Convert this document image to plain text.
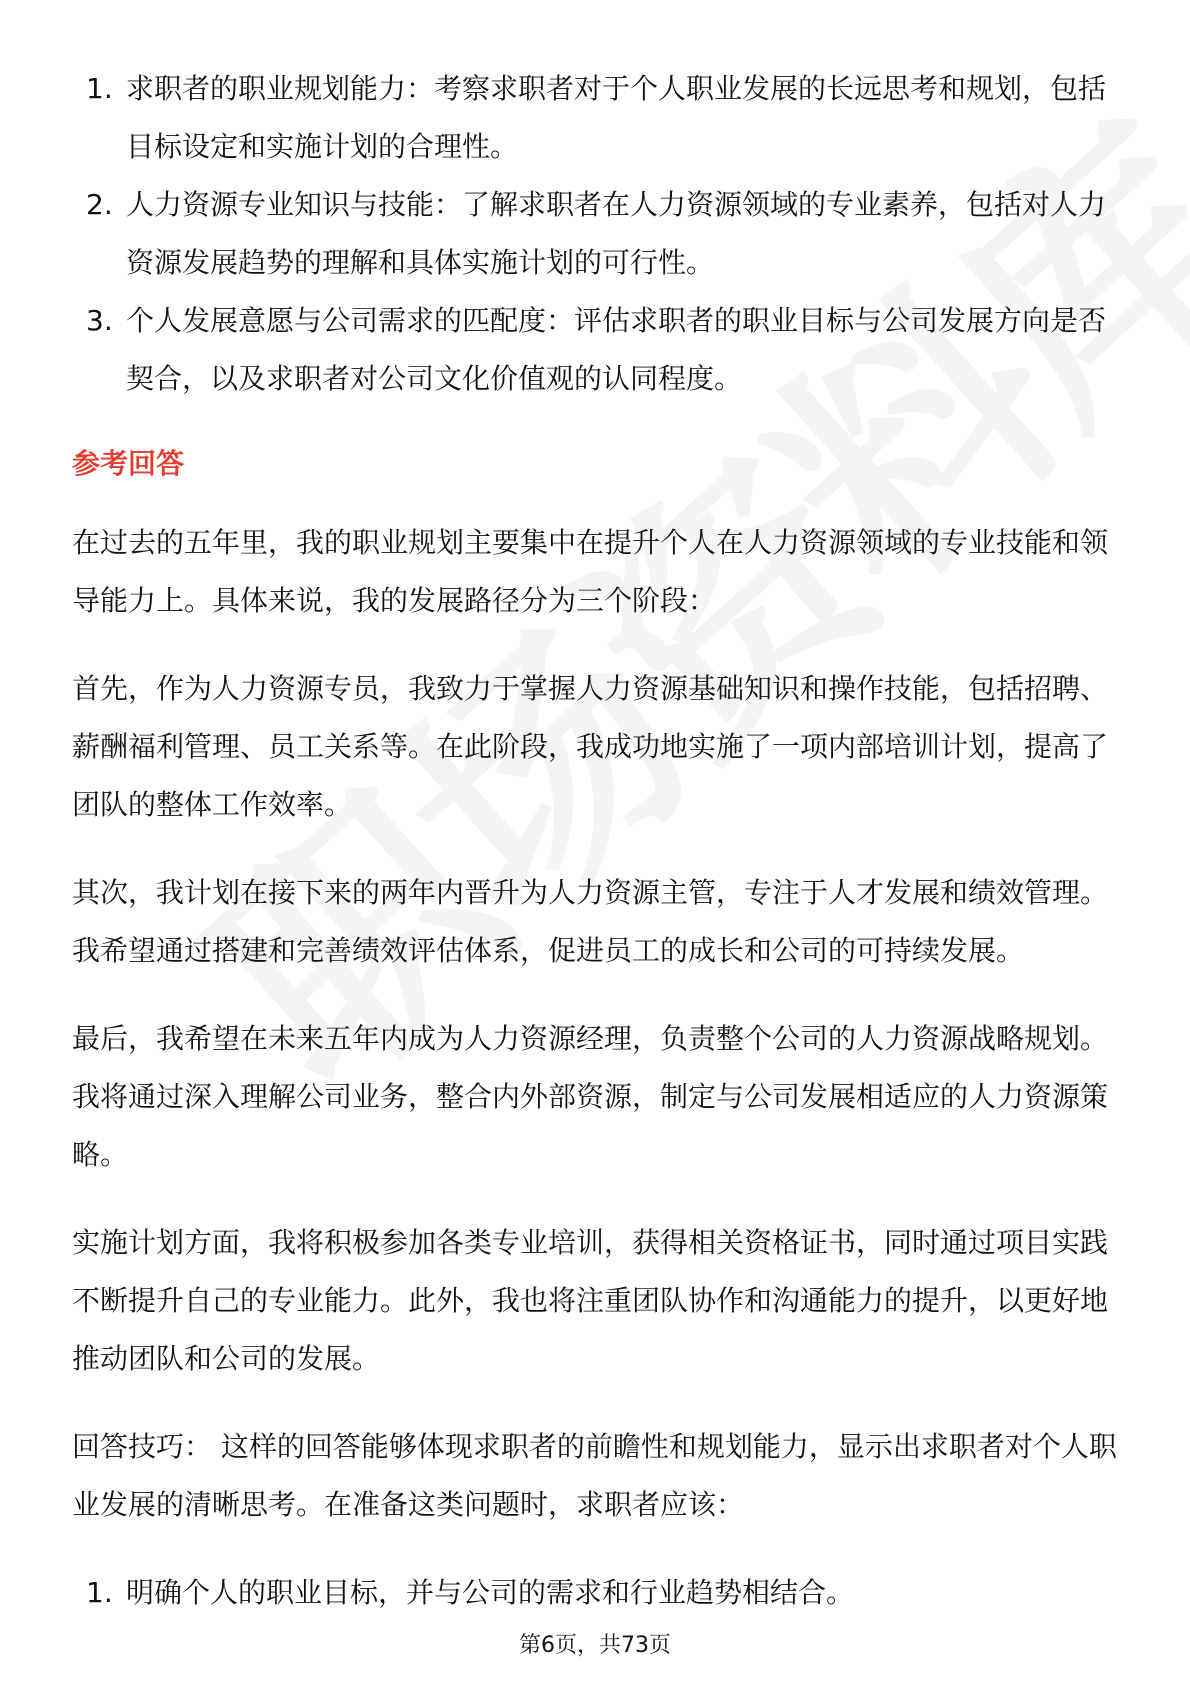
1. 求职者的职业规划能力：考察求职者对于个人职业发展的长远思考和规划，包括目标设定和实施计划的合理性。
2. 人力资源专业知识与技能：了解求职者在人力资源领域的专业素养，包括对人力资源发展趋势的理解和具体实施计划的可行性。
3. 个人发展意愿与公司需求的匹配度：评估求职者的职业目标与公司发展方向是否契合，以及求职者对公司文化价值观的认同程度。
参考回答

在过去的五年里，我的职业规划主要集中在提升个人在人力资源领域的专业技能和领导能力上。具体来说，我的发展路径分为三个阶段：

首先，作为人力资源专员，我致力于掌握人力资源基础知识和操作技能，包括招聘、薪酬福利管理、员工关系等。在此阶段，我成功地实施了一项内部培训计划，提高了团队的整体工作效率。

其次，我计划在接下来的两年内晋升为人力资源主管，专注于人才发展和绩效管理。我希望通过搭建和完善绩效评估体系，促进员工的成长和公司的可持续发展。

最后，我希望在未来五年内成为人力资源经理，负责整个公司的人力资源战略规划。我将通过深入理解公司业务，整合内外部资源，制定与公司发展相适应的人力资源策略。

实施计划方面，我将积极参加各类专业培训，获得相关资格证书，同时通过项目实践不断提升自己的专业能力。此外，我也将注重团队协作和沟通能力的提升，以更好地推动团队和公司的发展。

回答技巧： 这样的回答能够体现求职者的前瞻性和规划能力，显示出求职者对个人职业发展的清晰思考。在准备这类问题时，求职者应该：

1. 明确个人的职业目标，并与公司的需求和行业趋势相结合。
第6页，共73页
